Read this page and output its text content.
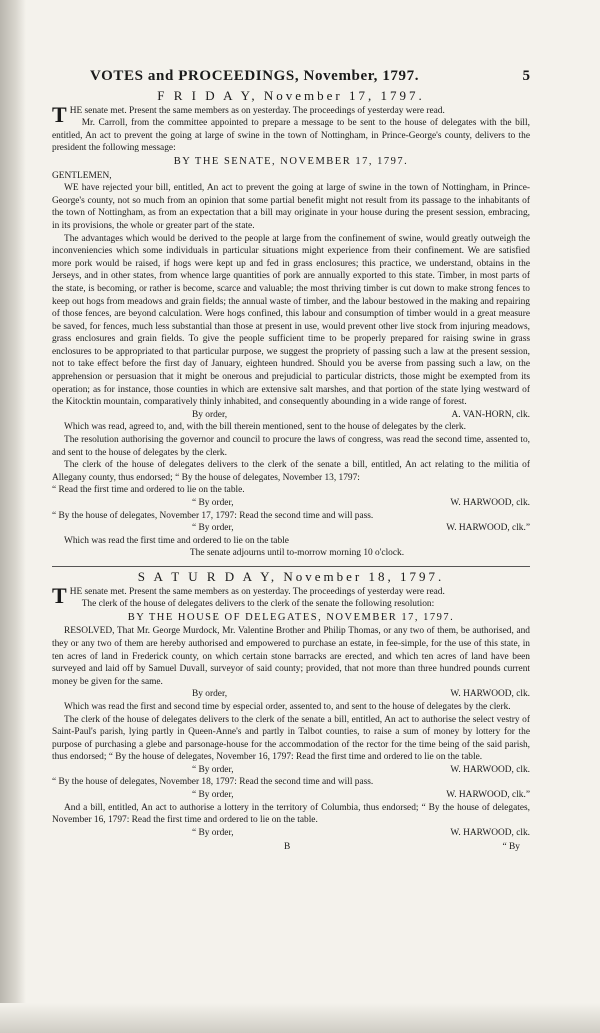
VOTES and PROCEEDINGS, November, 1797.	5
F R I D A Y, November 17, 1797.

THE senate met. Present the same members as on yesterday. The proceedings of yesterday were read.

Mr. Carroll, from the committee appointed to prepare a message to be sent to the house of delegates with the bill, entitled, An act to prevent the going at large of swine in the town of Nottingham, in Prince-George's county, delivers to the president the following message:

BY THE SENATE, NOVEMBER 17, 1797.

GENTLEMEN,

WE have rejected your bill, entitled, An act to prevent the going at large of swine in the town of Nottingham, in Prince-George's county, not so much from an opinion that some partial benefit might not result from its passage to the inhabitants of the town of Nottingham, as from an expectation that a bill may originate in your house during the present session, embracing, in its provisions, the whole or greater part of the state.

The advantages which would be derived to the people at large from the confinement of swine, would greatly outweigh the inconveniencies which some individuals in particular situations might experience from their confinement. We are satisfied more pork would be raised, if hogs were kept up and fed in grass enclosures; this practice, we understand, obtains in the Jerseys, and in other states, from whence large quantities of pork are annually exported to this state. Timber, in most parts of the state, is becoming, or rather is become, scarce and valuable; the most thriving timber is cut down to make strong fences to keep out hogs from meadows and grain fields; the annual waste of timber, and the labour bestowed in the making and repairing of those fences, are beyond calculation. Were hogs confined, this labour and consumption of timber would in a great measure be saved, for fences, much less substantial than those at present in use, would prevent other live stock from injuring meadows, grass enclosures and grain fields. To give the people sufficient time to be properly prepared for raising swine in grass enclosures to be appropriated to that particular purpose, we suggest the propriety of passing such a law at the present session, not to take effect before the first day of January, eighteen hundred. Should you be averse from passing such a law, on the apprehension or persuasion that it might be onerous and prejudicial to particular districts, those might be exempted from its operation; as for instance, those counties in which are extensive salt marshes, and that portion of the state lying westward of the Kitocktin mountain, comparatively thinly inhabited, and consequently abounding in a wide range of forest.

By order,	A. VAN-HORN, clk.

Which was read, agreed to, and, with the bill therein mentioned, sent to the house of delegates by the clerk.

The resolution authorising the governor and council to procure the laws of congress, was read the second time, assented to, and sent to the house of delegates by the clerk.

The clerk of the house of delegates delivers to the clerk of the senate a bill, entitled, An act relating to the militia of Allegany county, thus endorsed; “ By the house of delegates, November 13, 1797:

“ Read the first time and ordered to lie on the table.

“ By order,	W. HARWOOD, clk.

“ By the house of delegates, November 17, 1797: Read the second time and will pass.

“ By order,	W. HARWOOD, clk.”

Which was read the first time and ordered to lie on the table

The senate adjourns until to-morrow morning 10 o'clock.

S A T U R D A Y, November 18, 1797.

THE senate met. Present the same members as on yesterday. The proceedings of yesterday were read.

The clerk of the house of delegates delivers to the clerk of the senate the following resolution:

BY THE HOUSE OF DELEGATES, NOVEMBER 17, 1797.

RESOLVED, That Mr. George Murdock, Mr. Valentine Brother and Philip Thomas, or any two of them, be authorised, and they or any two of them are hereby authorised and empowered to purchase an estate, in fee-simple, for the use of this state, in ten acres of land in Frederick county, on which certain stone barracks are erected, and which ten acres of land have been surveyed and laid off by Samuel Duvall, surveyor of said county; provided, that not more than three hundred pounds current money be given for the same.

By order,	W. HARWOOD, clk.

Which was read the first and second time by especial order, assented to, and sent to the house of delegates by the clerk.

The clerk of the house of delegates delivers to the clerk of the senate a bill, entitled, An act to authorise the select vestry of Saint-Paul's parish, lying partly in Queen-Anne's and partly in Talbot counties, to raise a sum of money by lottery for the purpose of purchasing a glebe and parsonage-house for the accommodation of the rector for the time being of the said parish, thus endorsed; “ By the house of delegates, November 16, 1797: Read the first time and ordered to lie on the table.

“ By order,	W. HARWOOD, clk.

“ By the house of delegates, November 18, 1797: Read the second time and will pass.

“ By order,	W. HARWOOD, clk.”

And a bill, entitled, An act to authorise a lottery in the territory of Columbia, thus endorsed; “ By the house of delegates, November 16, 1797: Read the first time and ordered to lie on the table.

“ By order,	W. HARWOOD, clk.
B	“ By
